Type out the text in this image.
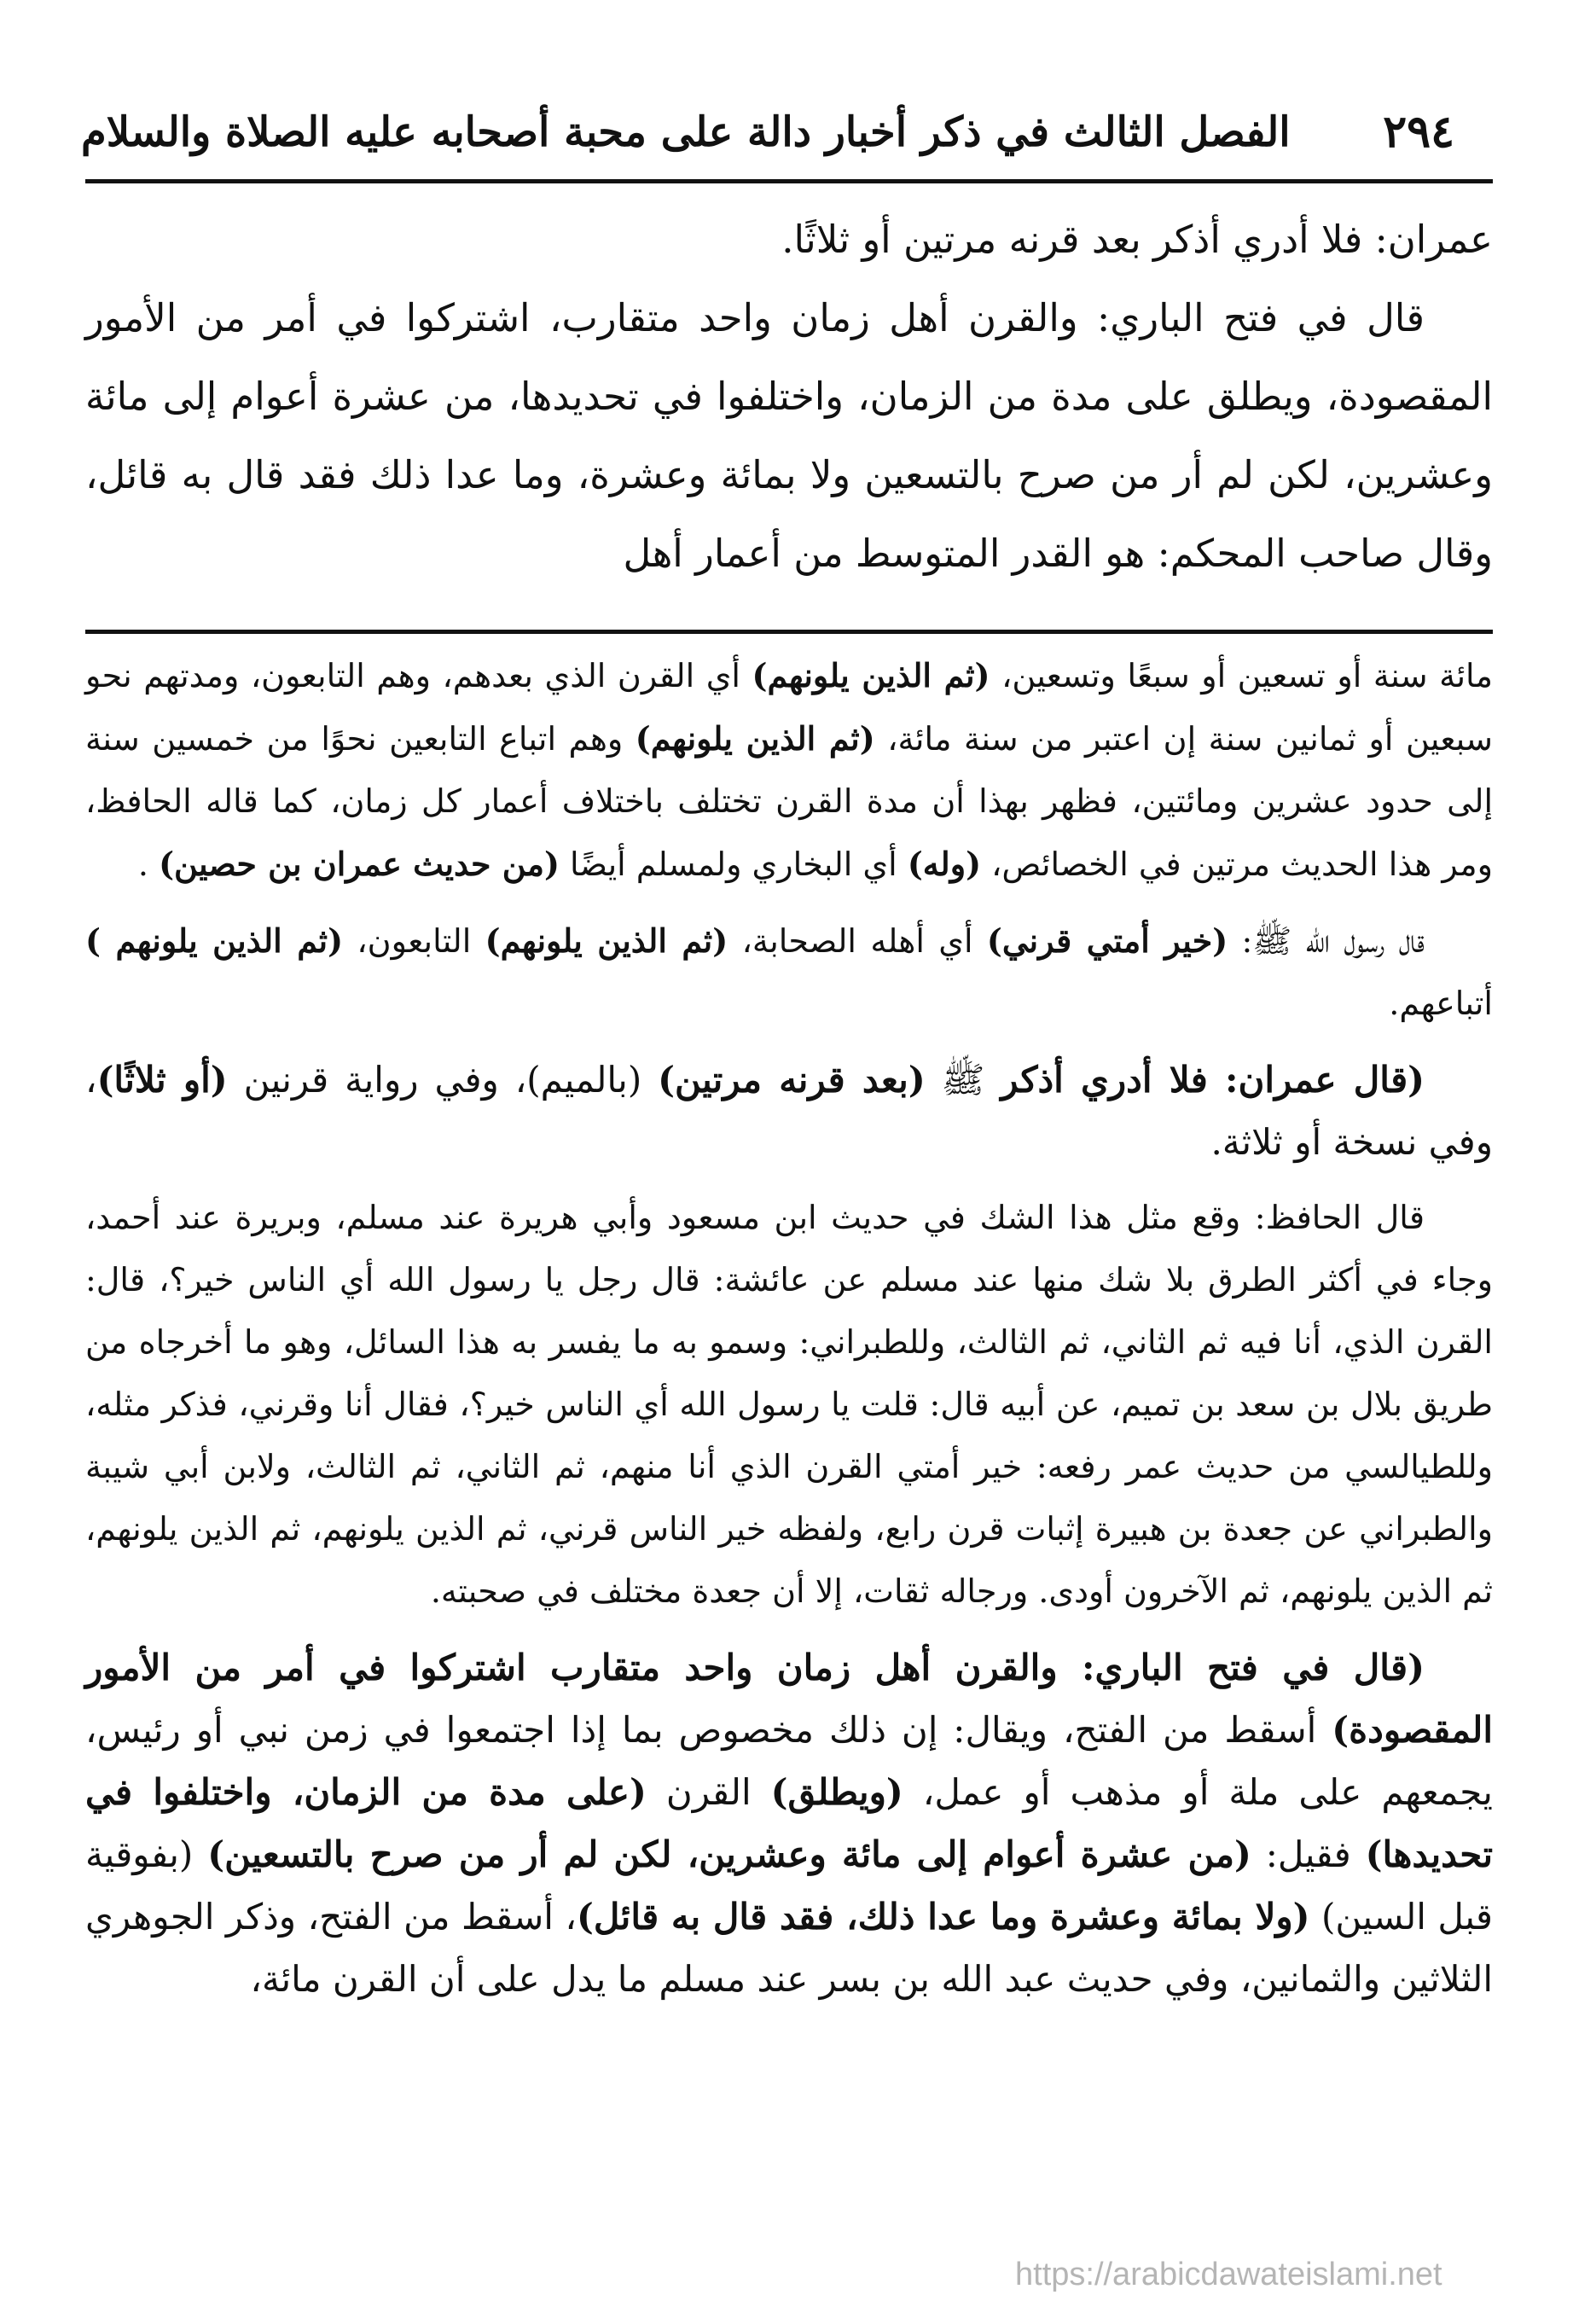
٢٩٤
الفصل الثالث في ذكر أخبار دالة على محبة أصحابه عليه الصلاة والسلام

عمران: فلا أدري أذكر بعد قرنه مرتين أو ثلاثًا.

قال في فتح الباري: والقرن أهل زمان واحد متقارب، اشتركوا في أمر من الأمور المقصودة، ويطلق على مدة من الزمان، واختلفوا في تحديدها، من عشرة أعوام إلى مائة وعشرين، لكن لم أر من صرح بالتسعين ولا بمائة وعشرة، وما عدا ذلك فقد قال به قائل، وقال صاحب المحكم: هو القدر المتوسط من أعمار أهل

مائة سنة أو تسعين أو سبعًا وتسعين، (ثم الذين يلونهم) أي القرن الذي بعدهم، وهم التابعون، ومدتهم نحو سبعين أو ثمانين سنة إن اعتبر من سنة مائة، (ثم الذين يلونهم) وهم اتباع التابعين نحوًا من خمسين سنة إلى حدود عشرين ومائتين، فظهر بهذا أن مدة القرن تختلف باختلاف أعمار كل زمان، كما قاله الحافظ، ومر هذا الحديث مرتين في الخصائص، (وله) أي البخاري ولمسلم أيضًا (من حديث عمران بن حصين) .

قال رسول الله ﷺ: (خير أمتي قرني) أي أهله الصحابة، (ثم الذين يلونهم) التابعون، (ثم الذين يلونهم ) أتباعهم.

(قال عمران: فلا أدري أذكر ﷺ (بعد قرنه مرتين) (بالميم)، وفي رواية قرنين (أو ثلاثًا)، وفي نسخة أو ثلاثة.

قال الحافظ: وقع مثل هذا الشك في حديث ابن مسعود وأبي هريرة عند مسلم، وبريرة عند أحمد، وجاء في أكثر الطرق بلا شك منها عند مسلم عن عائشة: قال رجل يا رسول الله أي الناس خير؟، قال: القرن الذي، أنا فيه ثم الثاني، ثم الثالث، وللطبراني: وسمو به ما يفسر به هذا السائل، وهو ما أخرجاه من طريق بلال بن سعد بن تميم، عن أبيه قال: قلت يا رسول الله أي الناس خير؟، فقال أنا وقرني، فذكر مثله، وللطيالسي من حديث عمر رفعه: خير أمتي القرن الذي أنا منهم، ثم الثاني، ثم الثالث، ولابن أبي شيبة والطبراني عن جعدة بن هبيرة إثبات قرن رابع، ولفظه خير الناس قرني، ثم الذين يلونهم، ثم الذين يلونهم، ثم الذين يلونهم، ثم الآخرون أودى. ورجاله ثقات، إلا أن جعدة مختلف في صحبته.

(قال في فتح الباري: والقرن أهل زمان واحد متقارب اشتركوا في أمر من الأمور المقصودة) أسقط من الفتح، ويقال: إن ذلك مخصوص بما إذا اجتمعوا في زمن نبي أو رئيس، يجمعهم على ملة أو مذهب أو عمل، (ويطلق) القرن (على مدة من الزمان، واختلفوا في تحديدها) فقيل: (من عشرة أعوام إلى مائة وعشرين، لكن لم أر من صرح بالتسعين) (بفوقية قبل السين) (ولا بمائة وعشرة وما عدا ذلك، فقد قال به قائل)، أسقط من الفتح، وذكر الجوهري الثلاثين والثمانين، وفي حديث عبد الله بن بسر عند مسلم ما يدل على أن القرن مائة،

https://arabicdawateislami.net
